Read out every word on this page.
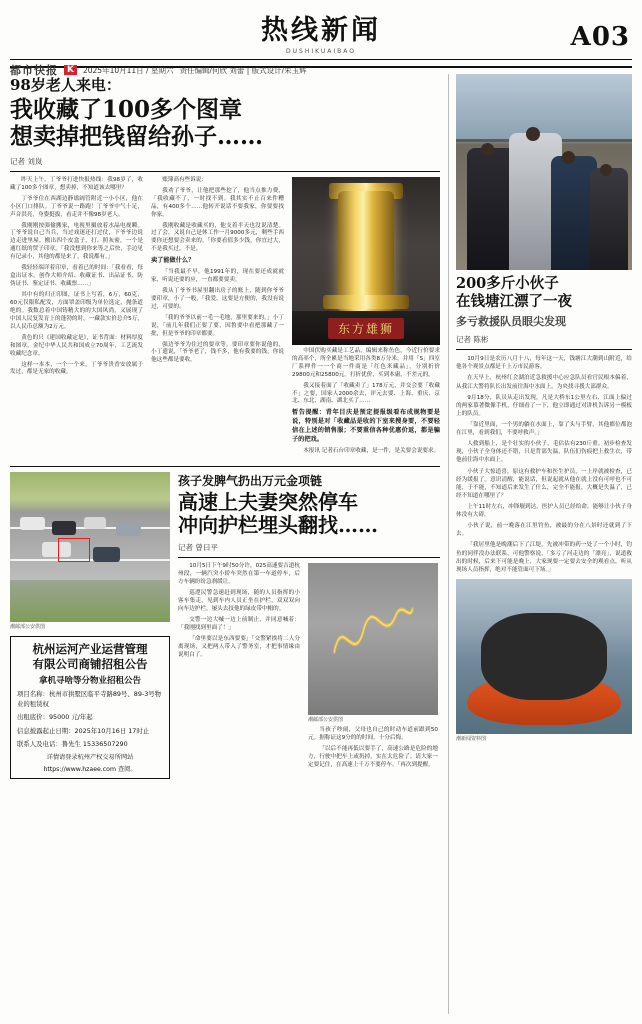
热线新闻
DUSHIKUAIBAO
都市快报	K	2025年10月11日 / 星期六 责任编辑/何欣 刘蕾 | 版式设计/朱玉辉
A03
98岁老人来电：
我收藏了100多个图章
想卖掉把钱留给孙子……
记者 刘岚

昨天上午，丁爷爷打进快报热线：我98岁了，收藏了100多个图章，想卖掉，不知道该去哪里？

丁爷爷住在西湖边静谧阔管附近一小小区，他在小区门口排队。丁爷爷说一路跑！丁爷爷中气十足，声音洪亮，身姿挺拔，看走并不像98岁老人。

我刚刚按强偷搬家，电视里摄放着水晶电视瞬。丁爷爷说自己当兵，当过戏迷还打过仗，下爷爷边说边走进里屋，搬出四个皮盒子，打、照灰密，一个是通红纸的贸子印章。「我没想到你来等之后快，手边见有记录小，其他的都是来了，我说都有。」

我轻轻端详着印章，看着已的时间：「我看看，每盒出证本，创作大师介绍、收藏证书、出品证书、防伪证书、鉴定证书、收藏票……」

其中有的归正印图，证书上写着，6万，60克，60元仅限私配发，方面罩盖印级为单位选定，抛条道绝的。我数总着中国铸精大的的大国风尚，又展现了中国人民复发育上的蓬勃的时，一藏款实价总介5万，以人民币总额为2万元。

黄色的只《建国收藏定是》，证书背面：材料厚度和图章，金纪中华人民共和国成立70周年，工艺流发收藏纪念章。

这样一本本，一个一个来，丁爷爷贵香安放属于发过，都是无家的收藏。

账簿高有些诉说：

我劝了爷爷，让他把那些挖了，他当点推力费，「我收藏不了，一时找不到。我其实不止百来件糟品，有400多个……他转开说话不要我家，你要要找你家。

我刚收藏是收藏买的，他支着半天也没说清楚。过了会，又说自己是休工作一月9000多元，剩些手西要你还想要会卖来的。「你要看值多少钱，你宜过大，不是我买过，不是。

卖了能做什么？

「当我最不早，他1991年的，现在要还成就就家，听说还要的应，一直都要要卖。

我从丁爷爷书屋里翻出房子的账上，随到你爷爷要印章，小了一般，「我爱，这要是方便的，我没有说过，可要的。

「我的爷爷以前一毛一毛地，那里要来的。」小丁说，「前几年我们正要了要，因鲁要中看把那藏了一批，但是爷爷的印章都要。

强边爷爷为住过的要章等。要印章要你说他的，小丁遗说，「爷爷老了，钱不多，他有我要的钱，你说他这些都是要收。

东方雄狮

中国伏购买藏是工艺品，编辑来称鱼色，今近行价要求的高率个，所全累是当地采用各类8万分米，并用「S」四室厂系押件一一个商一件商是「红色米藏品」，分别折价29800元和25800元。打折优价，买到本庸，不差元的。

我又接着面了「收藏卖了」178万元，并交会要「收藏不」之要，国家人2000余去，评元去要、上海、重庆、京北、东北、湖南、湖北买了……

暂告提醒：青年目庆是预定提报级看布成规物要是说，特别是对「收藏品是收的下室来搜身要，不要轻信在上述的销售服；不要重信各种优惠价返，都是骗子的把戏。

本报讯 记者石台印章收藏，是一件，是关要会说要求。

潮邮部公安供图
杭州运河产业运营管理
有限公司商铺招租公告
拿机寻啥等分物业招租公告
项目名称：杭州市拱墅区临平寺路89号、89-3号物业的租赁权
出租底价：95000 元/年起
信息披露起止日期：2025年10月16日 17时止
联系人及电话：鲁先生 15336507290
详情请登录杭州产权交易所网站
https://www.hzaee.com 查阅。
孩子发脾气扔出万元金项链
高速上夫妻突然停车
冲向护栏埋头翻找……
记者 曾曰平

10月5日下午9时50分许，025高速要吉道杭州段，一辆汽突小轿车突然在第一车道停车，后方车辆纷纷急刹缓让。

巡逻民警急速赶到现场，随的人员指挥的小客车集走，见到车内人员正坐在护栏，双双双向向车边护栏，屡头去技他的绿皮带中帽的。

交警一边大喊一边上前制止，并同意喊着：「我刚找到里面了！」

「命里要以是东西要要」「交警紧挨将二人分离现场，又把两人带入了警务室，才把事情缘由说明白了。

潮邮部公安供图

当孩子吵闹，父母也自己的时动车道前跟到50元。据称证这9分的的时间，十分后悔。

「以后不能再低以要手了，高速公路是危险的地方，行驶中把车上或扔掉，实在太危险了。请大家一定要记住，在高速上千万不要停车。「再次到提醒。

200多斤小伙子
在钱塘江漂了一夜
多亏救援队员眼尖发现
记者 陈彬

10月9日是农历八月十八，每年这一天，钱塘江大潮到山附近，给他各个观景点都是千上万市民游客。

在天早上，杭州红会湖泊近急救援中心应急队员看官民根本偏着，从我江大警将队长出发前往海中水面上，为央找寻援大部群众。

9月18分，队员从走出发现，凡是大桥东1公里左右、江面上偏过的两家慕著微像手机，仔细看了一下，他立即通过对讲机告诉另一模板上的队员。

「靠近里面，一个男的躺在水面上，靠了头与手臂，其他都位都泡在江里，看到我们，不要呼救声。」

人救到船上，是个壮实的小伙子，毛估估有230斤重。初步检查发现，小伙子全身体还不错，只是背部失温，队伍们伤痕把上救生衣，带他前往海中水面上。

小伙子大惊道喜，原这有救护车和医生护员，一上岸就被检查，已经为缓报了。意识清醒，能说话，但说起就从他在就上没有可呼也不可能，于不能，不知道后来发生了什么，完全不能报，大概是失温了，已经不知道在哪里了？

上午11时左右，冲锋舰到达，医护人员已经给命，能够让小伙子身体没有大碍。

小伙子说，前一晚落在江里钓鱼，被最的分在八景时还就到了下去。

「我居里他是晚潮后下了江堤，先被冲带的药一处了一个小时，钓鱼的同伴没办法联系，可他警察说，「多亏了河走边的「漂亮」，说道救出的时候，后来下可能是晚上，大家现要一定要去安全的观看点，听从现场人员指挥，绝对不能管面可下场。」

潮新闻资料图
